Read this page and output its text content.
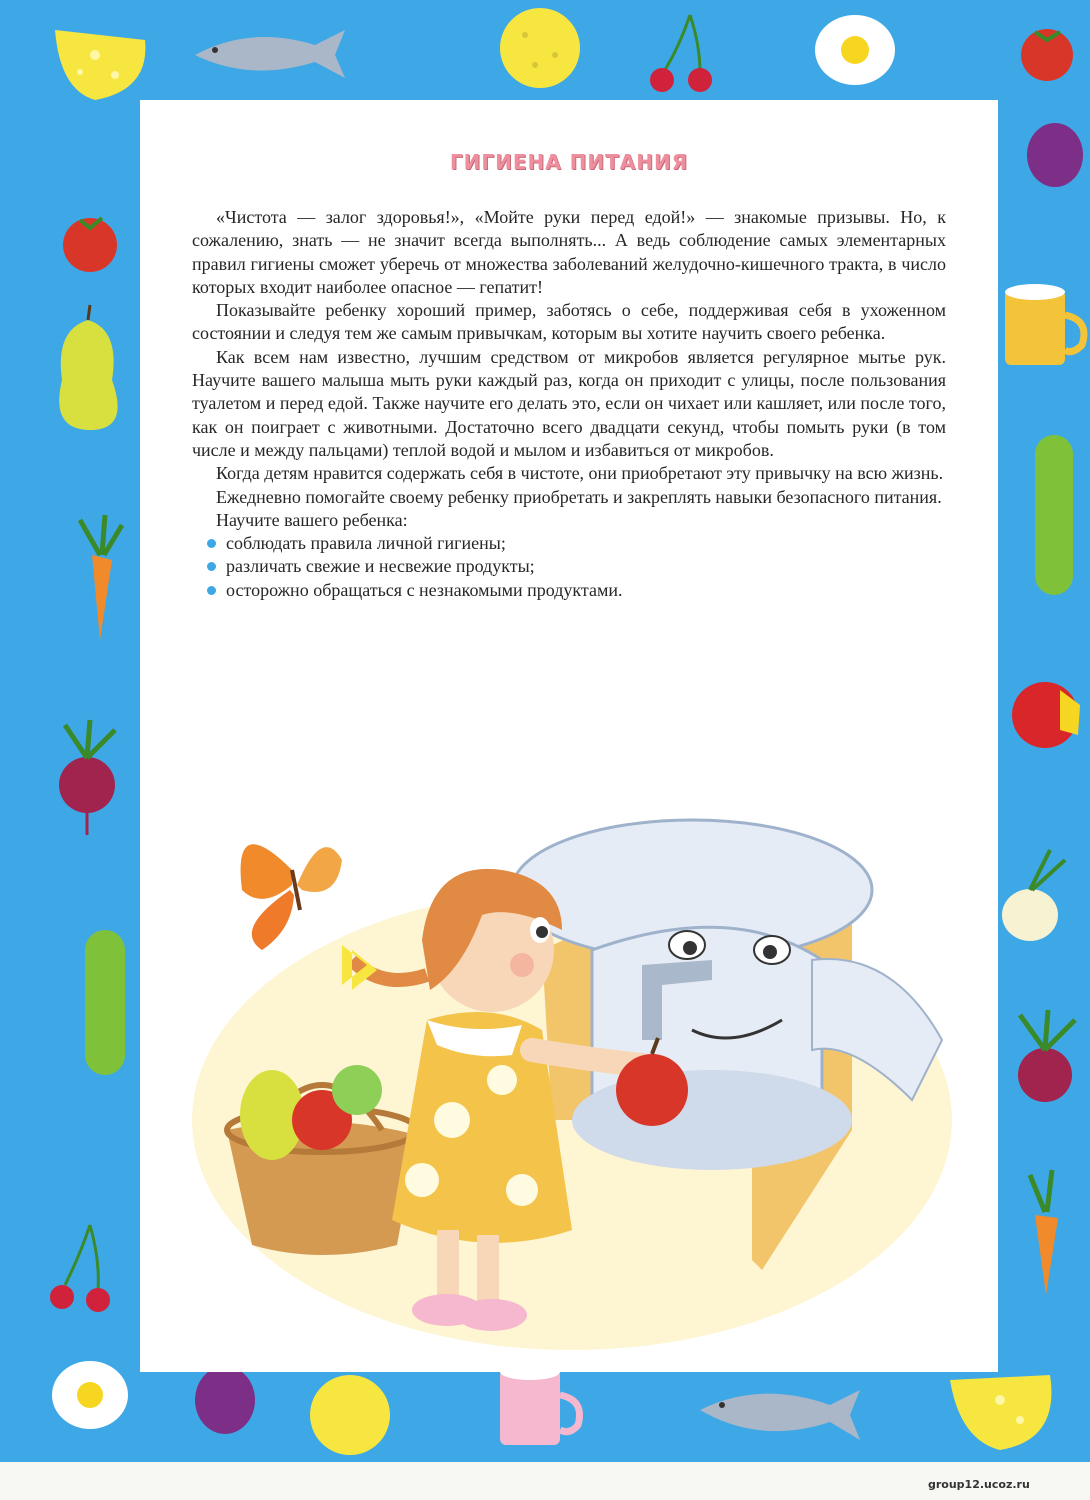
ГИГИЕНА ПИТАНИЯ

«Чистота — залог здоровья!», «Мойте руки перед едой!» — знакомые призывы. Но, к сожалению, знать — не значит всегда выполнять... А ведь соблюдение самых элементарных правил гигиены сможет уберечь от множества заболеваний желудочно-кишечного тракта, в число которых входит наиболее опасное — гепатит!

Показывайте ребенку хороший пример, заботясь о себе, поддерживая себя в ухоженном состоянии и следуя тем же самым привычкам, которым вы хотите научить своего ребенка.

Как всем нам известно, лучшим средством от микробов является регулярное мытье рук. Научите вашего малыша мыть руки каждый раз, когда он приходит с улицы, после пользования туалетом и перед едой. Также научите его делать это, если он чихает или кашляет, или после того, как он поиграет с животными. Достаточно всего двадцати секунд, чтобы помыть руки (в том числе и между пальцами) теплой водой и мылом и избавиться от микробов.

Когда детям нравится содержать себя в чистоте, они приобретают эту привычку на всю жизнь.

Ежедневно помогайте своему ребенку приобретать и закреплять навыки безопасного питания.

Научите вашего ребенка:

соблюдать правила личной гигиены;
различать свежие и несвежие продукты;
осторожно обращаться с незнакомыми продуктами.
group12.ucoz.ru
